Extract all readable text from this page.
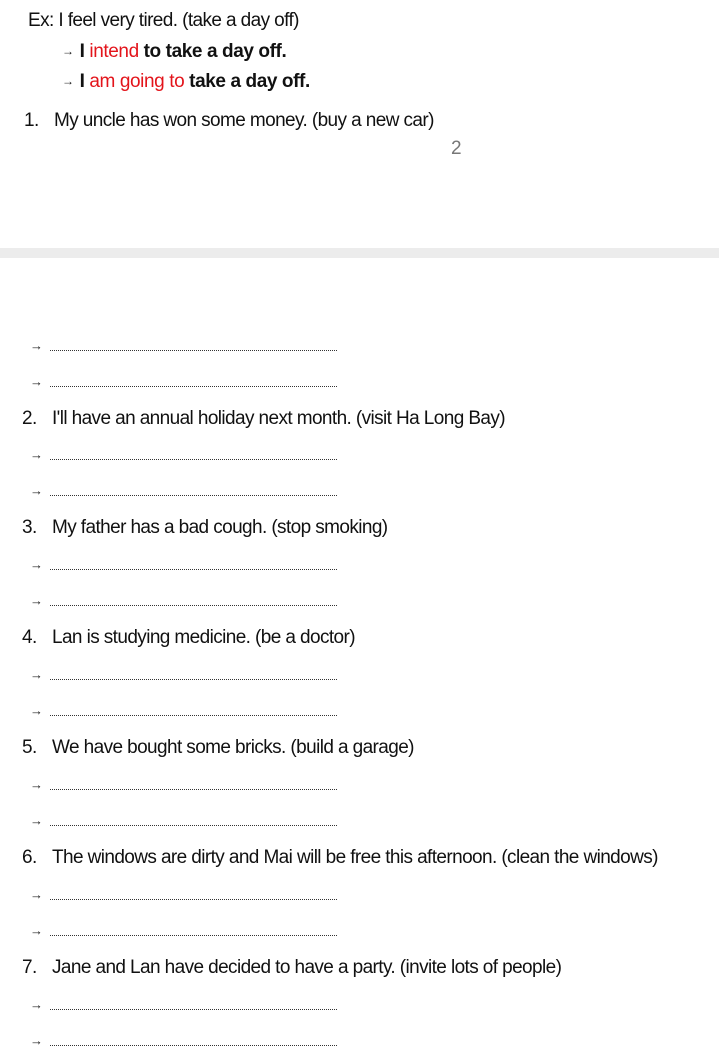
Ex: I feel very tired. (take a day off)
→ I intend to take a day off.
→ I am going to take a day off.
1. My uncle has won some money. (buy a new car)
2
→
→
2. I'll have an annual holiday next month. (visit Ha Long Bay)
→
→
3. My father has a bad cough. (stop smoking)
→
→
4. Lan is studying medicine. (be a doctor)
→
→
5. We have bought some bricks. (build a garage)
→
→
6. The windows are dirty and Mai will be free this afternoon. (clean the windows)
→
→
7. Jane and Lan have decided to have a party. (invite lots of people)
→
→
